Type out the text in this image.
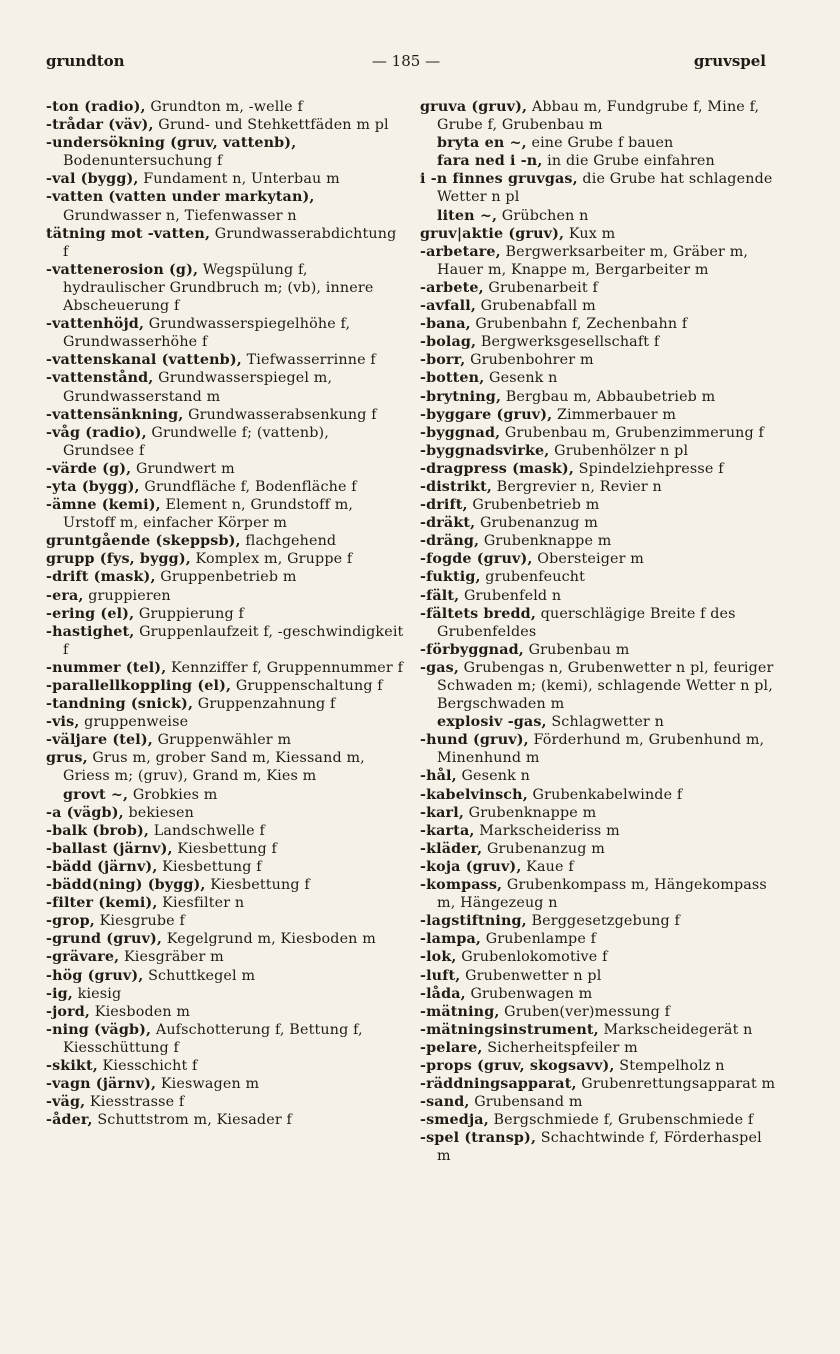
grundton	— 185 —	gruvspel

-ton (radio), Grundton m, -welle f

-trådar (väv), Grund- und Stehkettfäden m pl

-undersökning (gruv, vattenb), Bodenuntersuchung f

-val (bygg), Fundament n, Unterbau m

-vatten (vatten under markytan), Grundwasser n, Tiefenwasser n

tätning mot -vatten, Grundwasserabdichtung f

-vattenerosion (g), Wegspülung f, hydraulischer Grundbruch m; (vb), innere Abscheuerung f

-vattenhöjd, Grundwasserspiegelhöhe f, Grundwasserhöhe f

-vattenskanal (vattenb), Tiefwasserrinne f

-vattenstånd, Grundwasserspiegel m, Grundwasserstand m

-vattensänkning, Grundwasserabsenkung f

-våg (radio), Grundwelle f; (vattenb), Grundsee f

-värde (g), Grundwert m

-yta (bygg), Grundfläche f, Bodenfläche f

-ämne (kemi), Element n, Grundstoff m, Urstoff m, einfacher Körper m

gruntgående (skeppsb), flachgehend

grupp (fys, bygg), Komplex m, Gruppe f

-drift (mask), Gruppenbetrieb m

-era, gruppieren

-ering (el), Gruppierung f

-hastighet, Gruppenlaufzeit f, -geschwindigkeit f

-nummer (tel), Kennziffer f, Gruppennummer f

-parallellkoppling (el), Gruppenschaltung f

-tandning (snick), Gruppenzahnung f

-vis, gruppenweise

-väljare (tel), Gruppenwähler m

grus, Grus m, grober Sand m, Kiessand m, Griess m; (gruv), Grand m, Kies m

grovt ~, Grobkies m

-a (vägb), bekiesen

-balk (brob), Landschwelle f

-ballast (järnv), Kiesbettung f

-bädd (järnv), Kiesbettung f

-bädd(ning) (bygg), Kiesbettung f

-filter (kemi), Kiesfilter n

-grop, Kiesgrube f

-grund (gruv), Kegelgrund m, Kiesboden m

-grävare, Kiesgräber m

-hög (gruv), Schuttkegel m

-ig, kiesig

-jord, Kiesboden m

-ning (vägb), Aufschotterung f, Bettung f, Kiesschüttung f

-skikt, Kiesschicht f

-vagn (järnv), Kieswagen m

-väg, Kiesstrasse f

-åder, Schuttstrom m, Kiesader f

gruva (gruv), Abbau m, Fundgrube f, Mine f, Grube f, Grubenbau m

bryta en ~, eine Grube f bauen

fara ned i -n, in die Grube einfahren

i -n finnes gruvgas, die Grube hat schlagende Wetter n pl

liten ~, Grübchen n

gruv|aktie (gruv), Kux m

-arbetare, Bergwerksarbeiter m, Gräber m, Hauer m, Knappe m, Bergarbeiter m

-arbete, Grubenarbeit f

-avfall, Grubenabfall m

-bana, Grubenbahn f, Zechenbahn f

-bolag, Bergwerksgesellschaft f

-borr, Grubenbohrer m

-botten, Gesenk n

-brytning, Bergbau m, Abbaubetrieb m

-byggare (gruv), Zimmerbauer m

-byggnad, Grubenbau m, Grubenzimmerung f

-byggnadsvirke, Grubenhölzer n pl

-dragpress (mask), Spindelziehpresse f

-distrikt, Bergrevier n, Revier n

-drift, Grubenbetrieb m

-dräkt, Grubenanzug m

-dräng, Grubenknappe m

-fogde (gruv), Obersteiger m

-fuktig, grubenfeucht

-fält, Grubenfeld n

-fältets bredd, querschlägige Breite f des Grubenfeldes

-förbyggnad, Grubenbau m

-gas, Grubengas n, Grubenwetter n pl, feuriger Schwaden m; (kemi), schlagende Wetter n pl, Bergschwaden m

explosiv -gas, Schlagwetter n

-hund (gruv), Förderhund m, Grubenhund m, Minenhund m

-hål, Gesenk n

-kabelvinsch, Grubenkabelwinde f

-karl, Grubenknappe m

-karta, Markscheideriss m

-kläder, Grubenanzug m

-koja (gruv), Kaue f

-kompass, Grubenkompass m, Hängekompass m, Hängezeug n

-lagstiftning, Berggesetzgebung f

-lampa, Grubenlampe f

-lok, Grubenlokomotive f

-luft, Grubenwetter n pl

-låda, Grubenwagen m

-mätning, Gruben(ver)messung f

-mätningsinstrument, Markscheidegerät n

-pelare, Sicherheitspfeiler m

-props (gruv, skogsavv), Stempelholz n

-räddningsapparat, Grubenrettungsapparat m

-sand, Grubensand m

-smedja, Bergschmiede f, Grubenschmiede f

-spel (transp), Schachtwinde f, Förderhaspel m
